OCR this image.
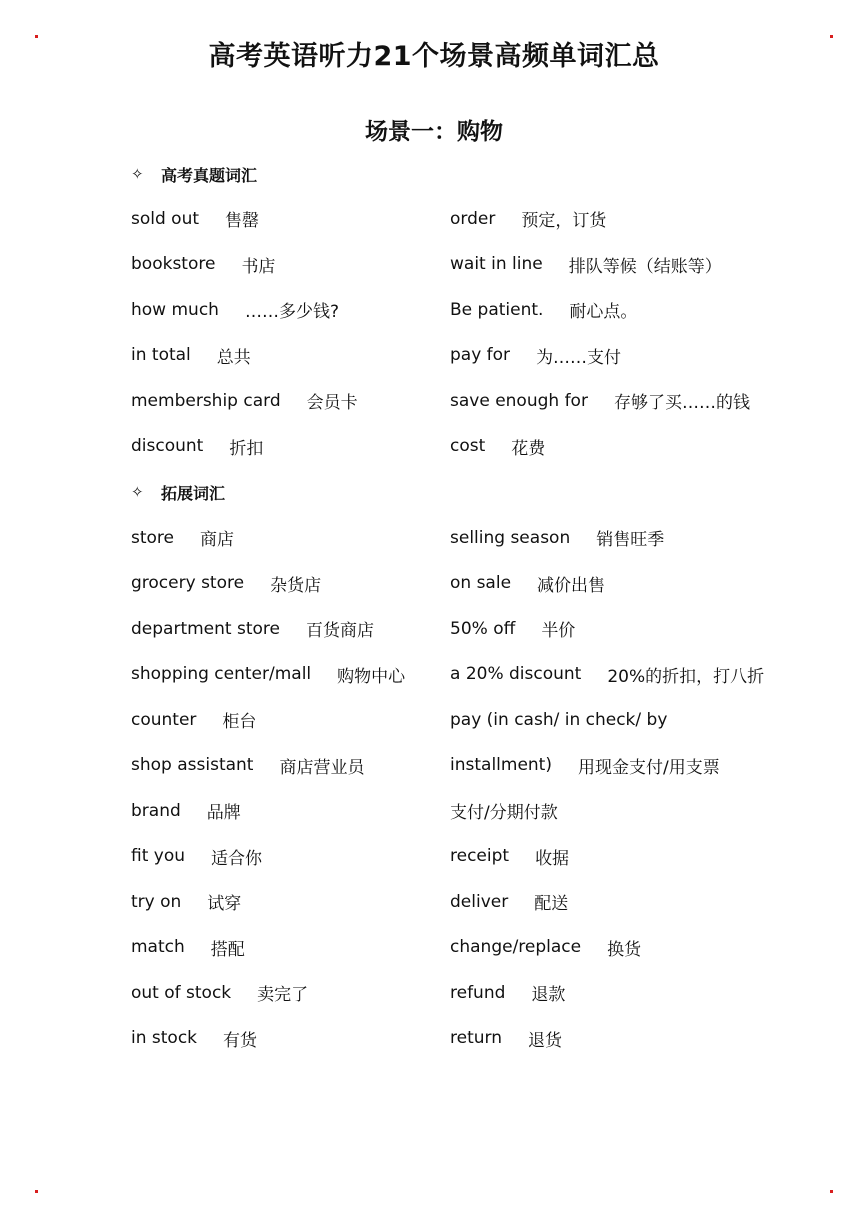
高考英语听力21个场景高频单词汇总
场景一：购物
✧	高考真题词汇
sold out 售罄	order 预定，订货
bookstore 书店	wait in line 排队等候（结账等）
how much ……多少钱?	Be patient. 耐心点。
in total 总共	pay for 为……支付
membership card 会员卡	save enough for 存够了买……的钱
discount 折扣	cost 花费
✧	拓展词汇
store 商店	selling season 销售旺季
grocery store 杂货店	on sale 减价出售
department store 百货商店	50% off 半价
shopping center/mall 购物中心	a 20% discount 20%的折扣，打八折
counter 柜台	pay (in cash/ in check/ by
shop assistant 商店营业员	installment) 用现金支付/用支票
brand 品牌	支付/分期付款
fit you 适合你	receipt 收据
try on 试穿	deliver 配送
match 搭配	change/replace 换货
out of stock 卖完了	refund 退款
in stock 有货	return 退货
